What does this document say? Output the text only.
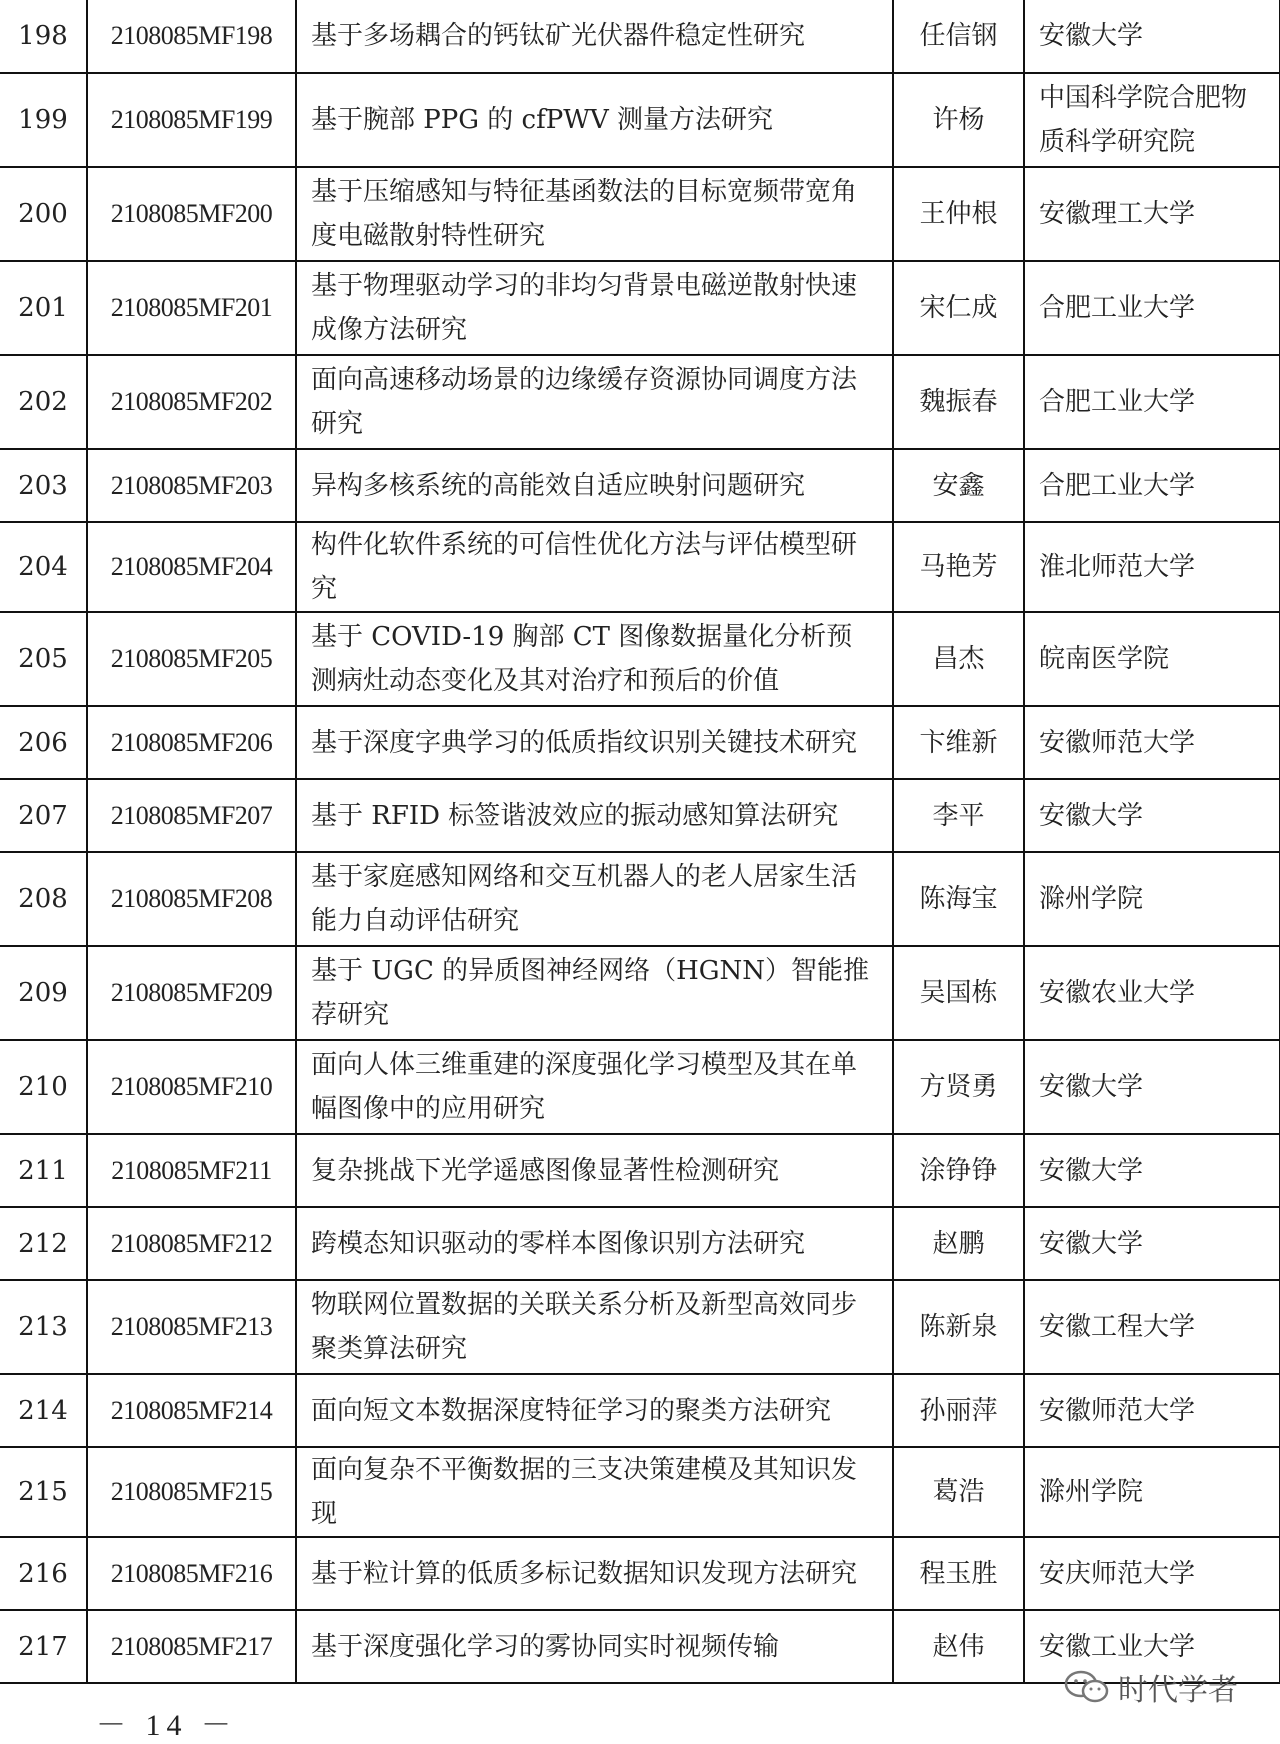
198	2108085MF198	基于多场耦合的钙钛矿光伏器件稳定性研究	任信钢	安徽大学
199	2108085MF199	基于腕部 PPG 的 cfPWV 测量方法研究	许杨	中国科学院合肥物质科学研究院
200	2108085MF200	基于压缩感知与特征基函数法的目标宽频带宽角度电磁散射特性研究	王仲根	安徽理工大学
201	2108085MF201	基于物理驱动学习的非均匀背景电磁逆散射快速成像方法研究	宋仁成	合肥工业大学
202	2108085MF202	面向高速移动场景的边缘缓存资源协同调度方法研究	魏振春	合肥工业大学
203	2108085MF203	异构多核系统的高能效自适应映射问题研究	安鑫	合肥工业大学
204	2108085MF204	构件化软件系统的可信性优化方法与评估模型研究	马艳芳	淮北师范大学
205	2108085MF205	基于 COVID-19 胸部 CT 图像数据量化分析预测病灶动态变化及其对治疗和预后的价值	昌杰	皖南医学院
206	2108085MF206	基于深度字典学习的低质指纹识别关键技术研究	卞维新	安徽师范大学
207	2108085MF207	基于 RFID 标签谐波效应的振动感知算法研究	李平	安徽大学
208	2108085MF208	基于家庭感知网络和交互机器人的老人居家生活能力自动评估研究	陈海宝	滁州学院
209	2108085MF209	基于 UGC 的异质图神经网络（HGNN）智能推荐研究	吴国栋	安徽农业大学
210	2108085MF210	面向人体三维重建的深度强化学习模型及其在单幅图像中的应用研究	方贤勇	安徽大学
211	2108085MF211	复杂挑战下光学遥感图像显著性检测研究	涂铮铮	安徽大学
212	2108085MF212	跨模态知识驱动的零样本图像识别方法研究	赵鹏	安徽大学
213	2108085MF213	物联网位置数据的关联关系分析及新型高效同步聚类算法研究	陈新泉	安徽工程大学
214	2108085MF214	面向短文本数据深度特征学习的聚类方法研究	孙丽萍	安徽师范大学
215	2108085MF215	面向复杂不平衡数据的三支决策建模及其知识发现	葛浩	滁州学院
216	2108085MF216	基于粒计算的低质多标记数据知识发现方法研究	程玉胜	安庆师范大学
217	2108085MF217	基于深度强化学习的雾协同实时视频传输	赵伟	安徽工业大学
－ 14 －
时代学者
